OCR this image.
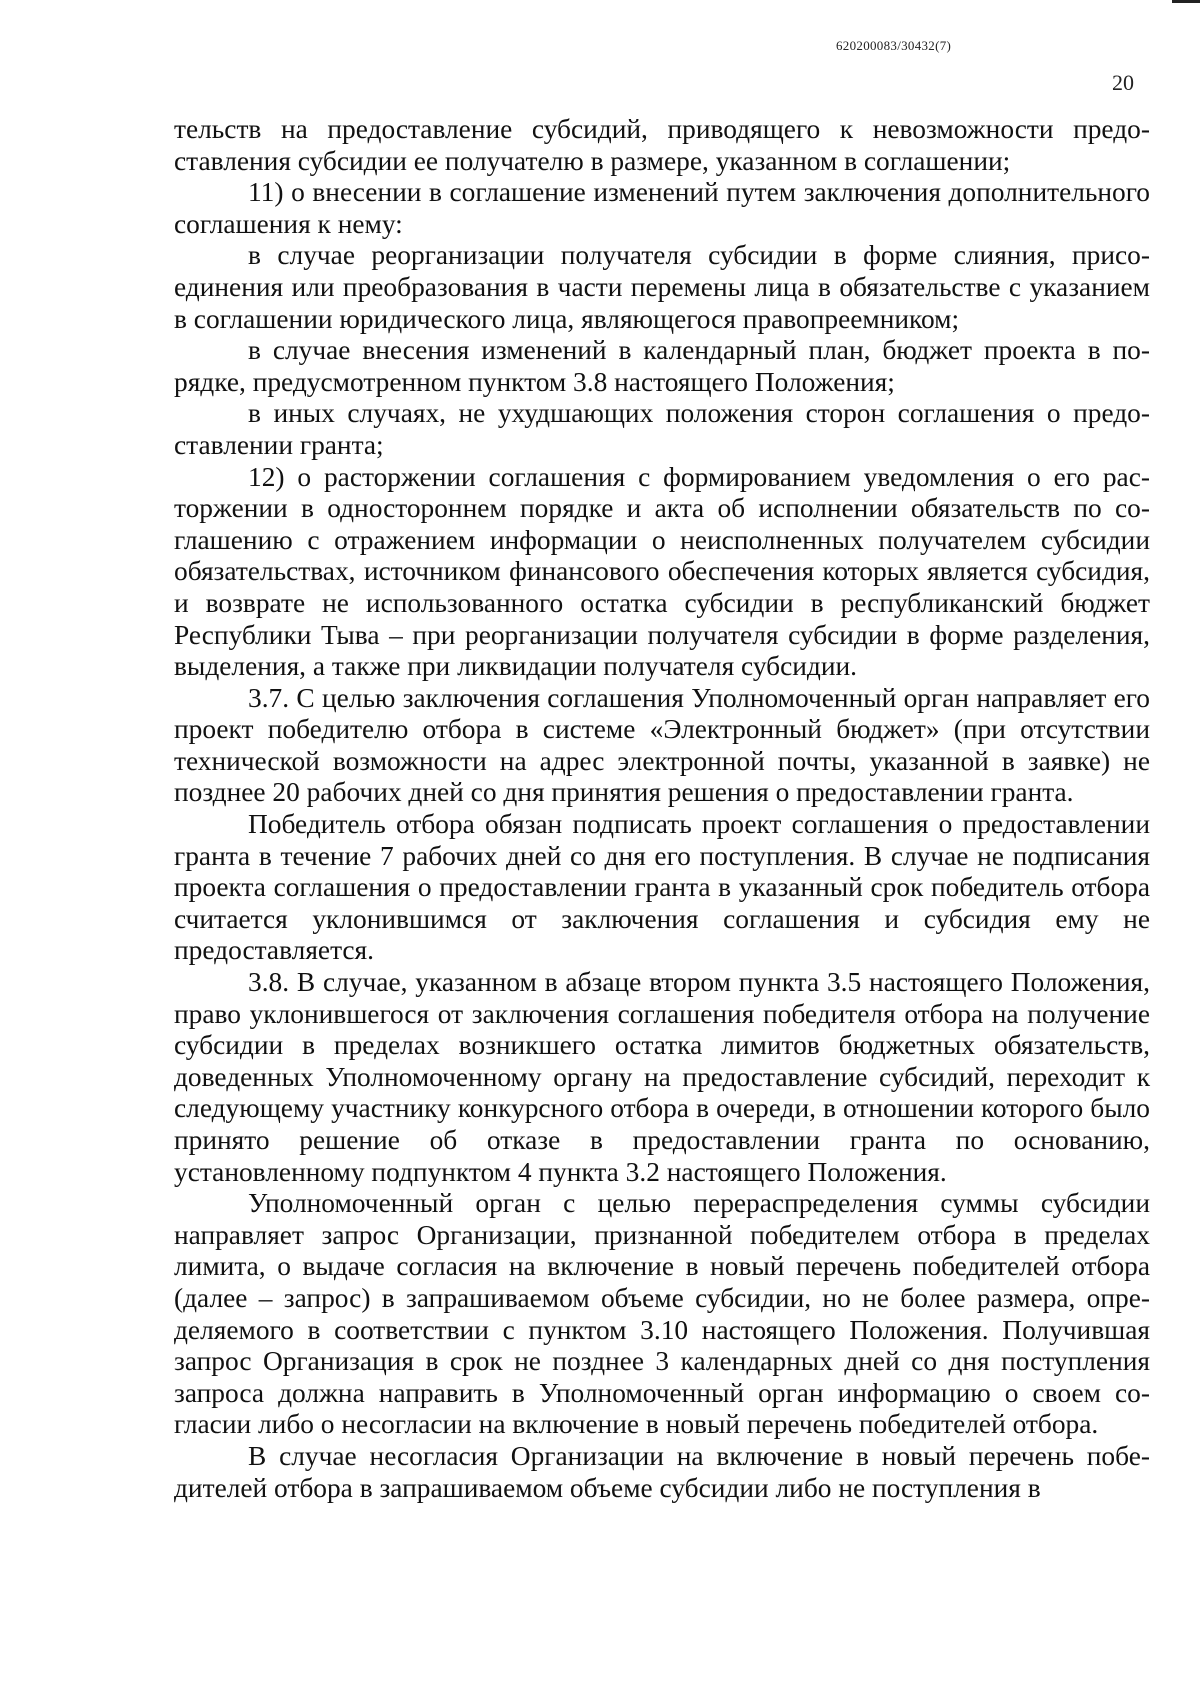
620200083/30432(7)
20

тельств на предоставление субсидий, приводящего к невозможности предоставления субсидии ее получателю в размере, указанном в соглашении;

11) о внесении в соглашение изменений путем заключения дополнительного соглашения к нему:

в случае реорганизации получателя субсидии в форме слияния, присоединения или преобразования в части перемены лица в обязательстве с указанием в соглашении юридического лица, являющегося правопреемником;

в случае внесения изменений в календарный план, бюджет проекта в порядке, предусмотренном пунктом 3.8 настоящего Положения;

в иных случаях, не ухудшающих положения сторон соглашения о предоставлении гранта;

12) о расторжении соглашения с формированием уведомления о его расторжении в одностороннем порядке и акта об исполнении обязательств по соглашению с отражением информации о неисполненных получателем субсидии обязательствах, источником финансового обеспечения которых является субсидия, и возврате не использованного остатка субсидии в республиканский бюджет Республики Тыва – при реорганизации получателя субсидии в форме разделения, выделения, а также при ликвидации получателя субсидии.

3.7. С целью заключения соглашения Уполномоченный орган направляет его проект победителю отбора в системе «Электронный бюджет» (при отсутствии технической возможности на адрес электронной почты, указанной в заявке) не позднее 20 рабочих дней со дня принятия решения о предоставлении гранта.

Победитель отбора обязан подписать проект соглашения о предоставлении гранта в течение 7 рабочих дней со дня его поступления. В случае не подписания проекта соглашения о предоставлении гранта в указанный срок победитель отбора считается уклонившимся от заключения соглашения и субсидия ему не предоставляется.

3.8. В случае, указанном в абзаце втором пункта 3.5 настоящего Положения, право уклонившегося от заключения соглашения победителя отбора на получение субсидии в пределах возникшего остатка лимитов бюджетных обязательств, доведенных Уполномоченному органу на предоставление субсидий, переходит к следующему участнику конкурсного отбора в очереди, в отношении которого было принято решение об отказе в предоставлении гранта по основанию, установленному подпунктом 4 пункта 3.2 настоящего Положения.

Уполномоченный орган с целью перераспределения суммы субсидии направляет запрос Организации, признанной победителем отбора в пределах лимита, о выдаче согласия на включение в новый перечень победителей отбора (далее – запрос) в запрашиваемом объеме субсидии, но не более размера, определяемого в соответствии с пунктом 3.10 настоящего Положения. Получившая запрос Организация в срок не позднее 3 календарных дней со дня поступления запроса должна направить в Уполномоченный орган информацию о своем согласии либо о несогласии на включение в новый перечень победителей отбора.

В случае несогласия Организации на включение в новый перечень победителей отбора в запрашиваемом объеме субсидии либо не поступления в
